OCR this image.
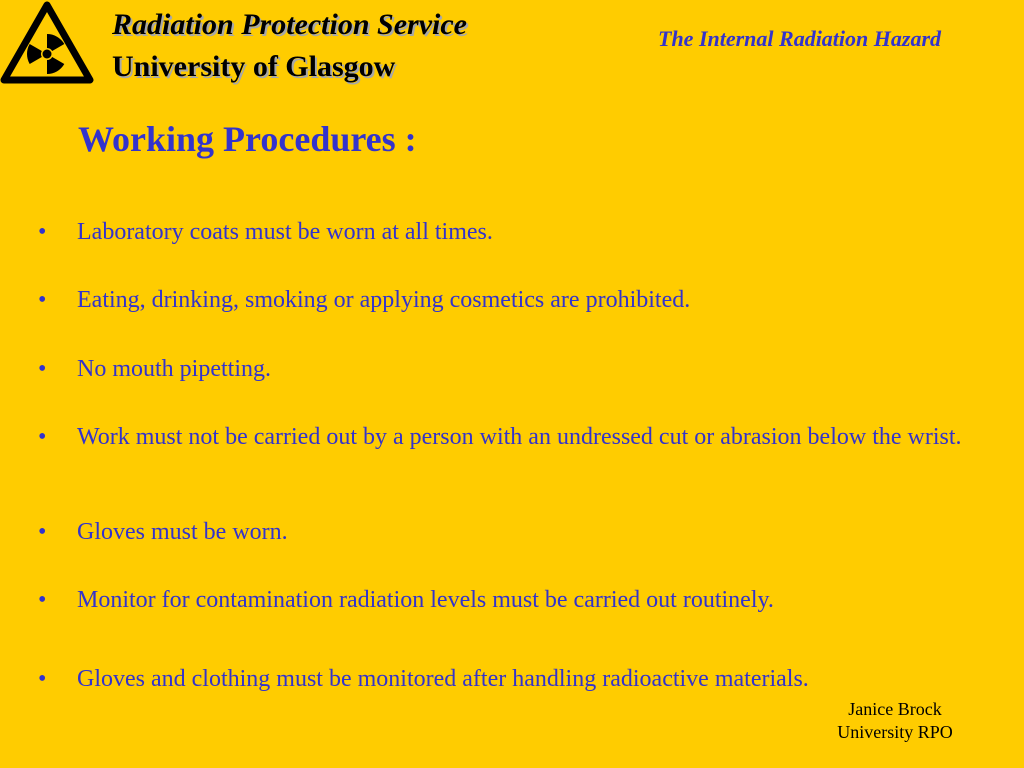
Radiation Protection Service
University of Glasgow
The Internal Radiation Hazard
Working Procedures :
• Laboratory coats must be worn at all times.
• Eating, drinking, smoking or applying cosmetics are prohibited.
• No mouth pipetting.
• Work must not be carried out by a person with an undressed cut or abrasion below the wrist.
• Gloves must be worn.
• Monitor for contamination radiation levels must be carried out routinely.
• Gloves and clothing must be monitored after handling radioactive materials.
Janice Brock
University RPO
